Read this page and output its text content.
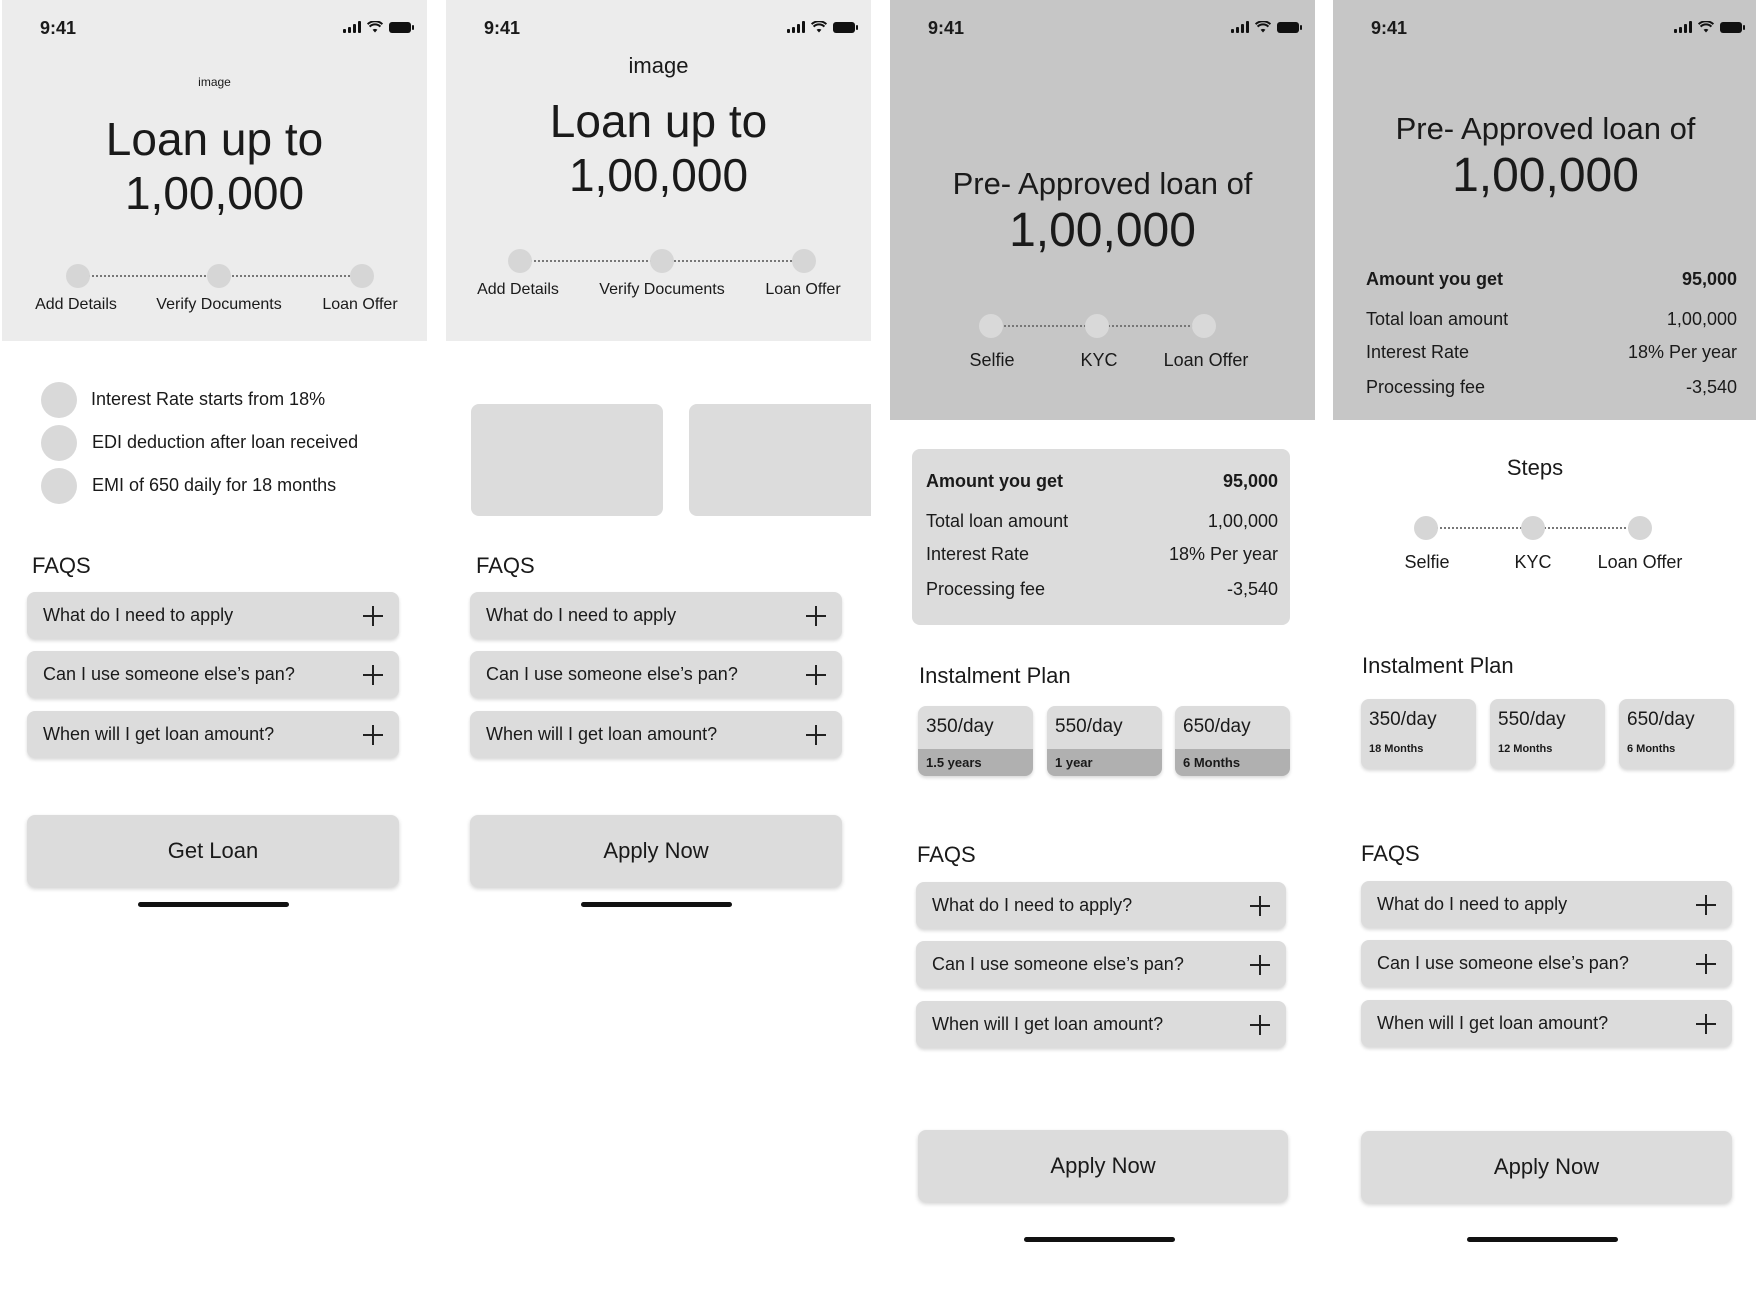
9:41
image
Loan up to
1,00,000
Add Details Verify Documents	Loan Offer
Interest Rate starts from 18%
EDI deduction after loan received
EMI of 650 daily for 18 months
FAQS
What do I need to apply
Can I use someone else’s pan?
When will I get loan amount?
Get Loan
9:41
image
Loan up to
1,00,000
Add Details	Verify Documents	Loan Offer
FAQS
What do I need to apply
Can I use someone else’s pan?
When will I get loan amount?
Apply Now
9:41
Pre- Approved loan of
1,00,000
Selfie	KYC	Loan Offer
Amount you get	95,000
Total loan amount	1,00,000
Interest Rate	18% Per year
Processing fee	-3,540
Instalment Plan
350/day
1.5 years
550/day
1 year
650/day
6 Months
FAQS
What do I need to apply?
Can I use someone else’s pan?
When will I get loan amount?
Apply Now
9:41
Pre- Approved loan of
1,00,000
Amount you get	95,000
Total loan amount	1,00,000
Interest Rate	18% Per year
Processing fee	-3,540
Steps
Selfie	KYC	Loan Offer
Instalment Plan
350/day
18 Months
550/day
12 Months
650/day
6 Months
FAQS
What do I need to apply
Can I use someone else’s pan?
When will I get loan amount?
Apply Now
